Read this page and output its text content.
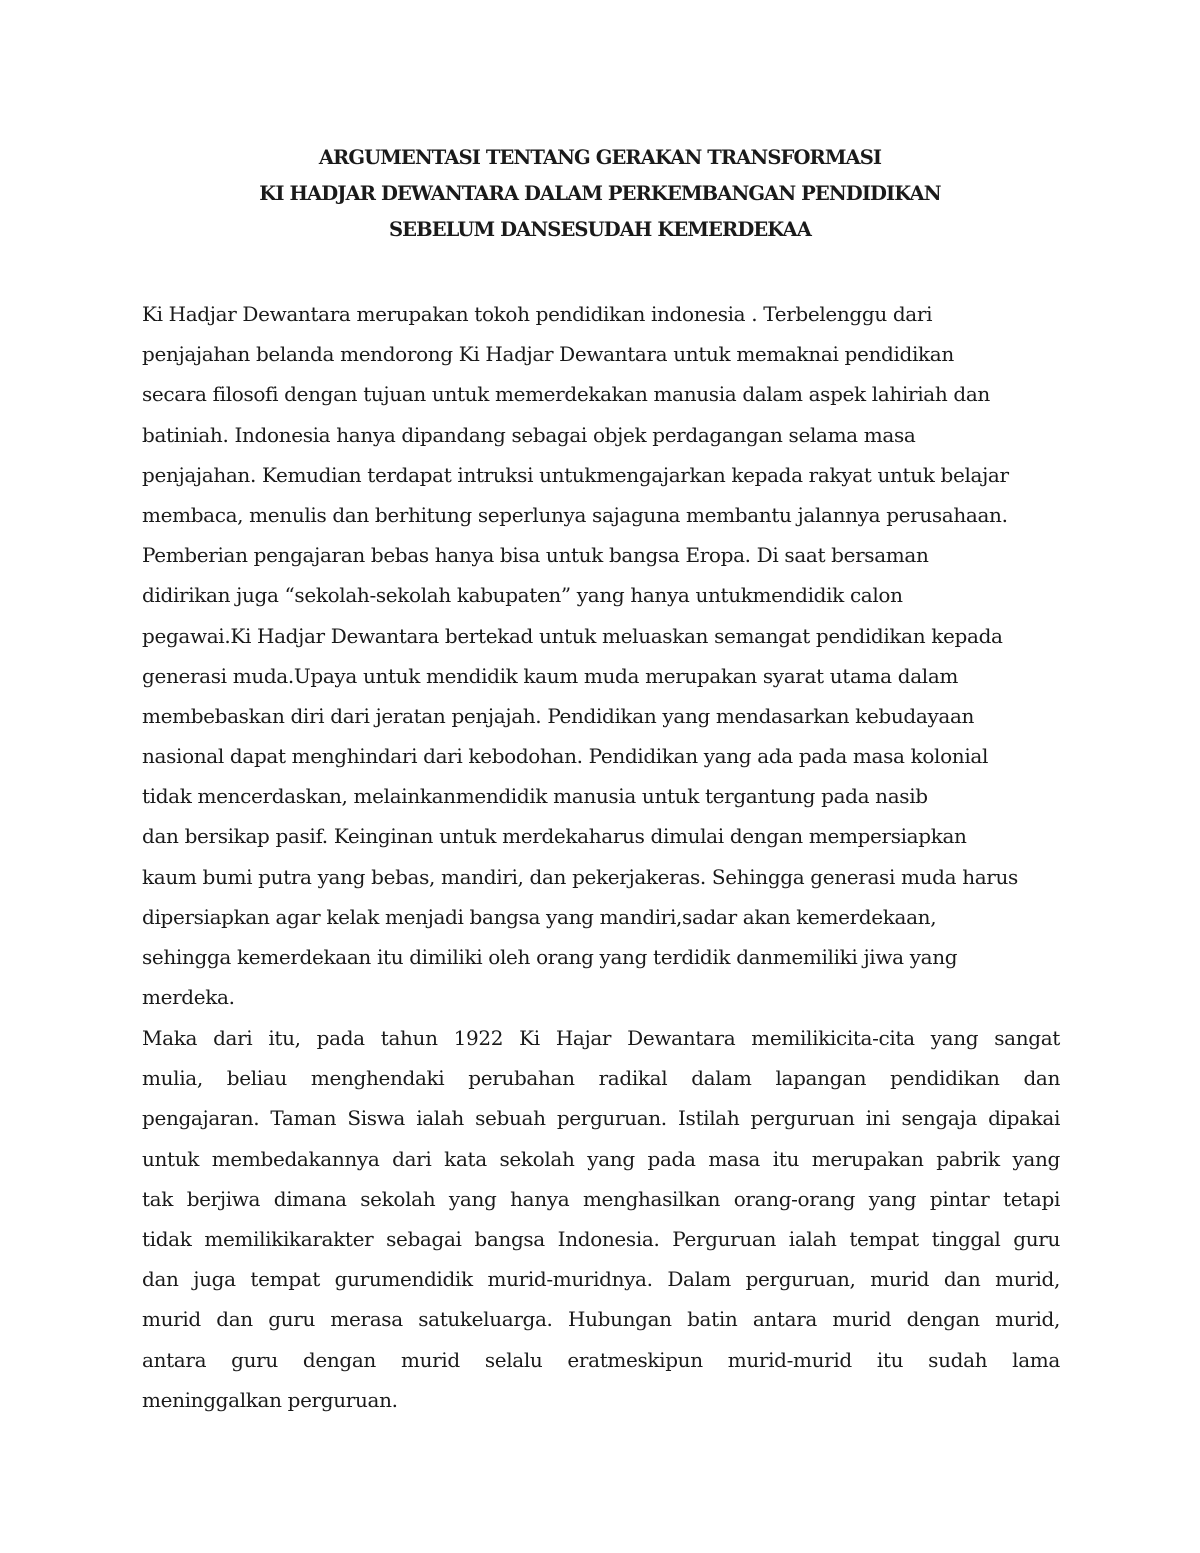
ARGUMENTASI TENTANG GERAKAN TRANSFORMASI
KI HADJAR DEWANTARA DALAM PERKEMBANGAN PENDIDIKAN
SEBELUM DANSESUDAH KEMERDEKAA
Ki Hadjar Dewantara merupakan tokoh pendidikan indonesia . Terbelenggu dari
penjajahan belanda mendorong Ki Hadjar Dewantara untuk memaknai pendidikan
secara filosofi dengan tujuan untuk memerdekakan manusia dalam aspek lahiriah dan
batiniah. Indonesia hanya dipandang sebagai objek perdagangan selama masa
penjajahan. Kemudian terdapat intruksi untukmengajarkan kepada rakyat untuk belajar
membaca, menulis dan berhitung seperlunya sajaguna membantu jalannya perusahaan.
Pemberian pengajaran bebas hanya bisa untuk bangsa Eropa. Di saat bersaman
didirikan juga “sekolah-sekolah kabupaten” yang hanya untukmendidik calon
pegawai.Ki Hadjar Dewantara bertekad untuk meluaskan semangat pendidikan kepada
generasi muda.Upaya untuk mendidik kaum muda merupakan syarat utama dalam
membebaskan diri dari jeratan penjajah. Pendidikan yang mendasarkan kebudayaan
nasional dapat menghindari dari kebodohan. Pendidikan yang ada pada masa kolonial
tidak mencerdaskan, melainkanmendidik manusia untuk tergantung pada nasib
dan bersikap pasif. Keinginan untuk merdekaharus dimulai dengan mempersiapkan
kaum bumi putra yang bebas, mandiri, dan pekerjakeras. Sehingga generasi muda harus
dipersiapkan agar kelak menjadi bangsa yang mandiri,sadar akan kemerdekaan,
sehingga kemerdekaan itu dimiliki oleh orang yang terdidik danmemiliki jiwa yang
merdeka.
Maka dari itu, pada tahun 1922 Ki Hajar Dewantara memilikicita-cita yang sangat
mulia, beliau menghendaki perubahan radikal dalam lapangan pendidikan dan
pengajaran. Taman Siswa ialah sebuah perguruan. Istilah perguruan ini sengaja dipakai
untuk membedakannya dari kata sekolah yang pada masa itu merupakan pabrik yang
tak berjiwa dimana sekolah yang hanya menghasilkan orang-orang yang pintar tetapi
tidak memilikikarakter sebagai bangsa Indonesia. Perguruan ialah tempat tinggal guru
dan juga tempat gurumendidik murid-muridnya. Dalam perguruan, murid dan murid,
murid dan guru merasa satukeluarga. Hubungan batin antara murid dengan murid,
antara guru dengan murid selalu eratmeskipun murid-murid itu sudah lama
meninggalkan perguruan.
